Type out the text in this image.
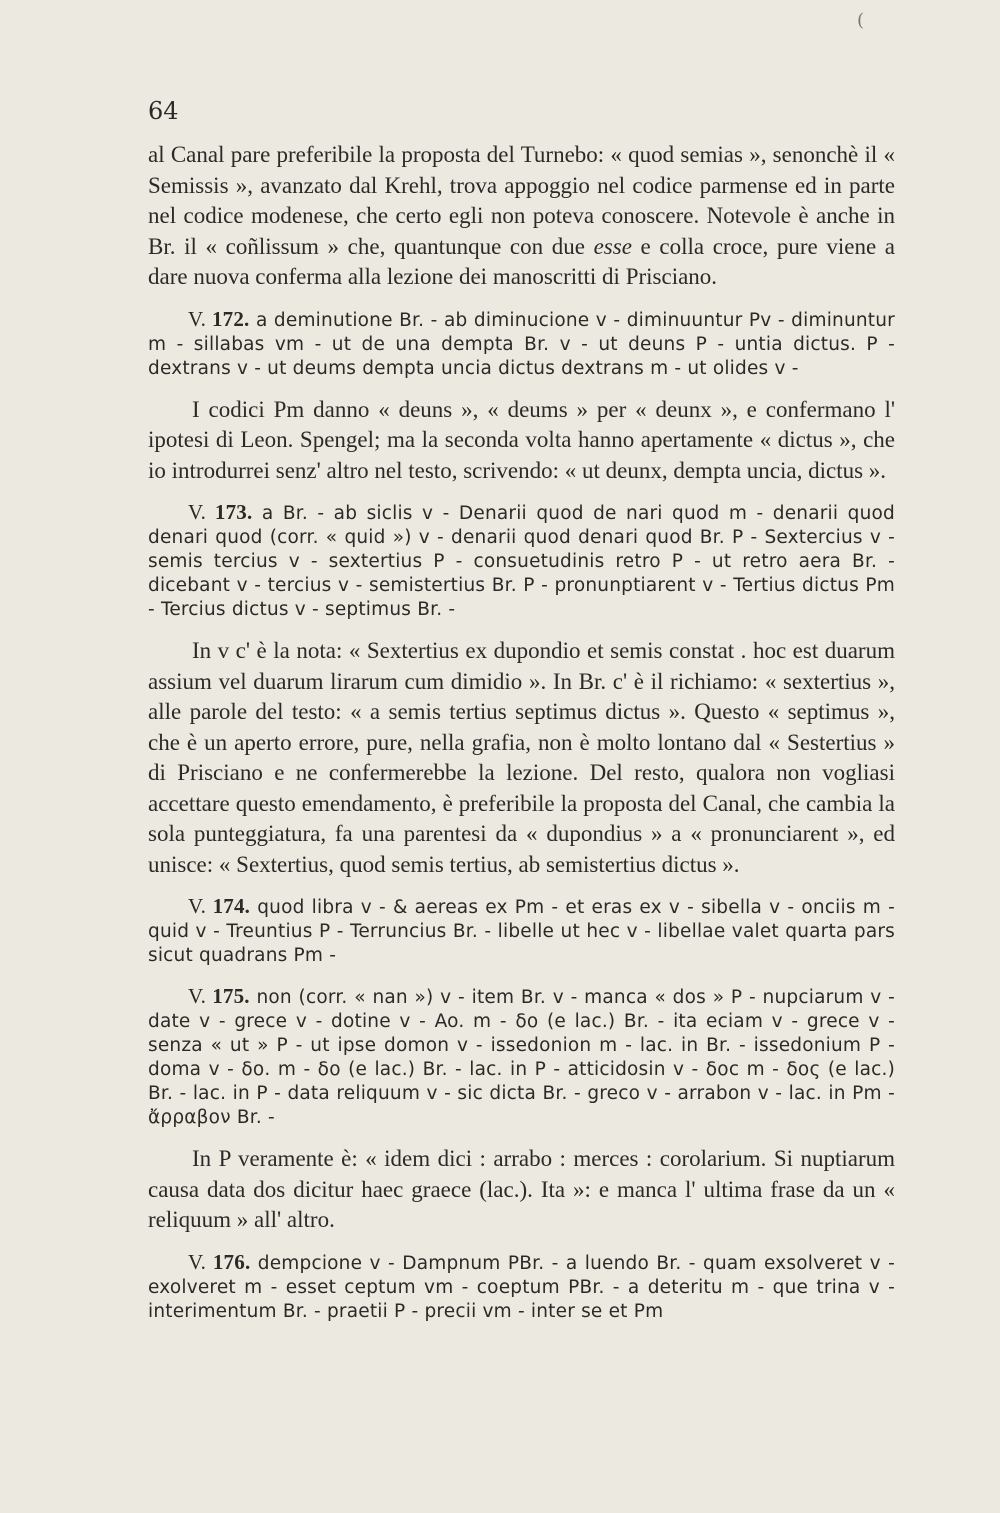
(

64

al Canal pare preferibile la proposta del Turnebo: « quod semias », senonchè il « Semissis », avanzato dal Krehl, trova appoggio nel codice parmense ed in parte nel codice modenese, che certo egli non poteva conoscere. Notevole è anche in Br. il « coñlissum » che, quantunque con due esse e colla croce, pure viene a dare nuova conferma alla lezione dei manoscritti di Prisciano.

V. 172. a deminutione Br. - ab diminucione v - diminuuntur Pv - diminuntur m - sillabas vm - ut de una dempta Br. v - ut deuns P - untia dictus. P - dextrans v - ut deums dempta uncia dictus dextrans m - ut olides v -

I codici Pm danno « deuns », « deums » per « deunx », e confermano l' ipotesi di Leon. Spengel; ma la seconda volta hanno apertamente « dictus », che io introdurrei senz' altro nel testo, scrivendo: « ut deunx, dempta uncia, dictus ».

V. 173. a Br. - ab siclis v - Denarii quod de nari quod m - denarii quod denari quod (corr. « quid ») v - denarii quod denari quod Br. P - Sextercius v - semis tercius v - sextertius P - consuetudinis retro P - ut retro aera Br. - dicebant v - tercius v - semistertius Br. P - pronunptiarent v - Tertius dictus Pm - Tercius dictus v - septimus Br. -

In v c' è la nota: « Sextertius ex dupondio et semis constat . hoc est duarum assium vel duarum lirarum cum dimidio ». In Br. c' è il richiamo: « sextertius », alle parole del testo: « a semis tertius septimus dictus ». Questo « septimus », che è un aperto errore, pure, nella grafia, non è molto lontano dal « Sestertius » di Prisciano e ne confermerebbe la lezione. Del resto, qualora non vogliasi accettare questo emendamento, è preferibile la proposta del Canal, che cambia la sola punteggiatura, fa una parentesi da « dupondius » a « pronunciarent », ed unisce: « Sextertius, quod semis tertius, ab semistertius dictus ».

V. 174. quod libra v - & aereas ex Pm - et eras ex v - sibella v - onciis m - quid v - Treuntius P - Terruncius Br. - libelle ut hec v - libellae valet quarta pars sicut quadrans Pm -

V. 175. non (corr. « nan ») v - item Br. v - manca « dos » P - nupciarum v - date v - grece v - dotine v - Ao. m - δο (e lac.) Br. - ita eciam v - grece v - senza « ut » P - ut ipse domon v - issedonion m - lac. in Br. - issedonium P - doma v - δο. m - δο (e lac.) Br. - lac. in P - atticidosin v - δοc m - δος (e lac.) Br. - lac. in P - data reliquum v - sic dicta Br. - greco v - arrabon v - lac. in Pm - ἄρραβον Br. -

In P veramente è: « idem dici : arrabo : merces : corolarium. Si nuptiarum causa data dos dicitur haec graece (lac.). Ita »: e manca l' ultima frase da un « reliquum » all' altro.

V. 176. dempcione v - Dampnum PBr. - a luendo Br. - quam exsolveret v - exolveret m - esset ceptum vm - coeptum PBr. - a deteritu m - que trina v - interimentum Br. - praetii P - precii vm - inter se et Pm
